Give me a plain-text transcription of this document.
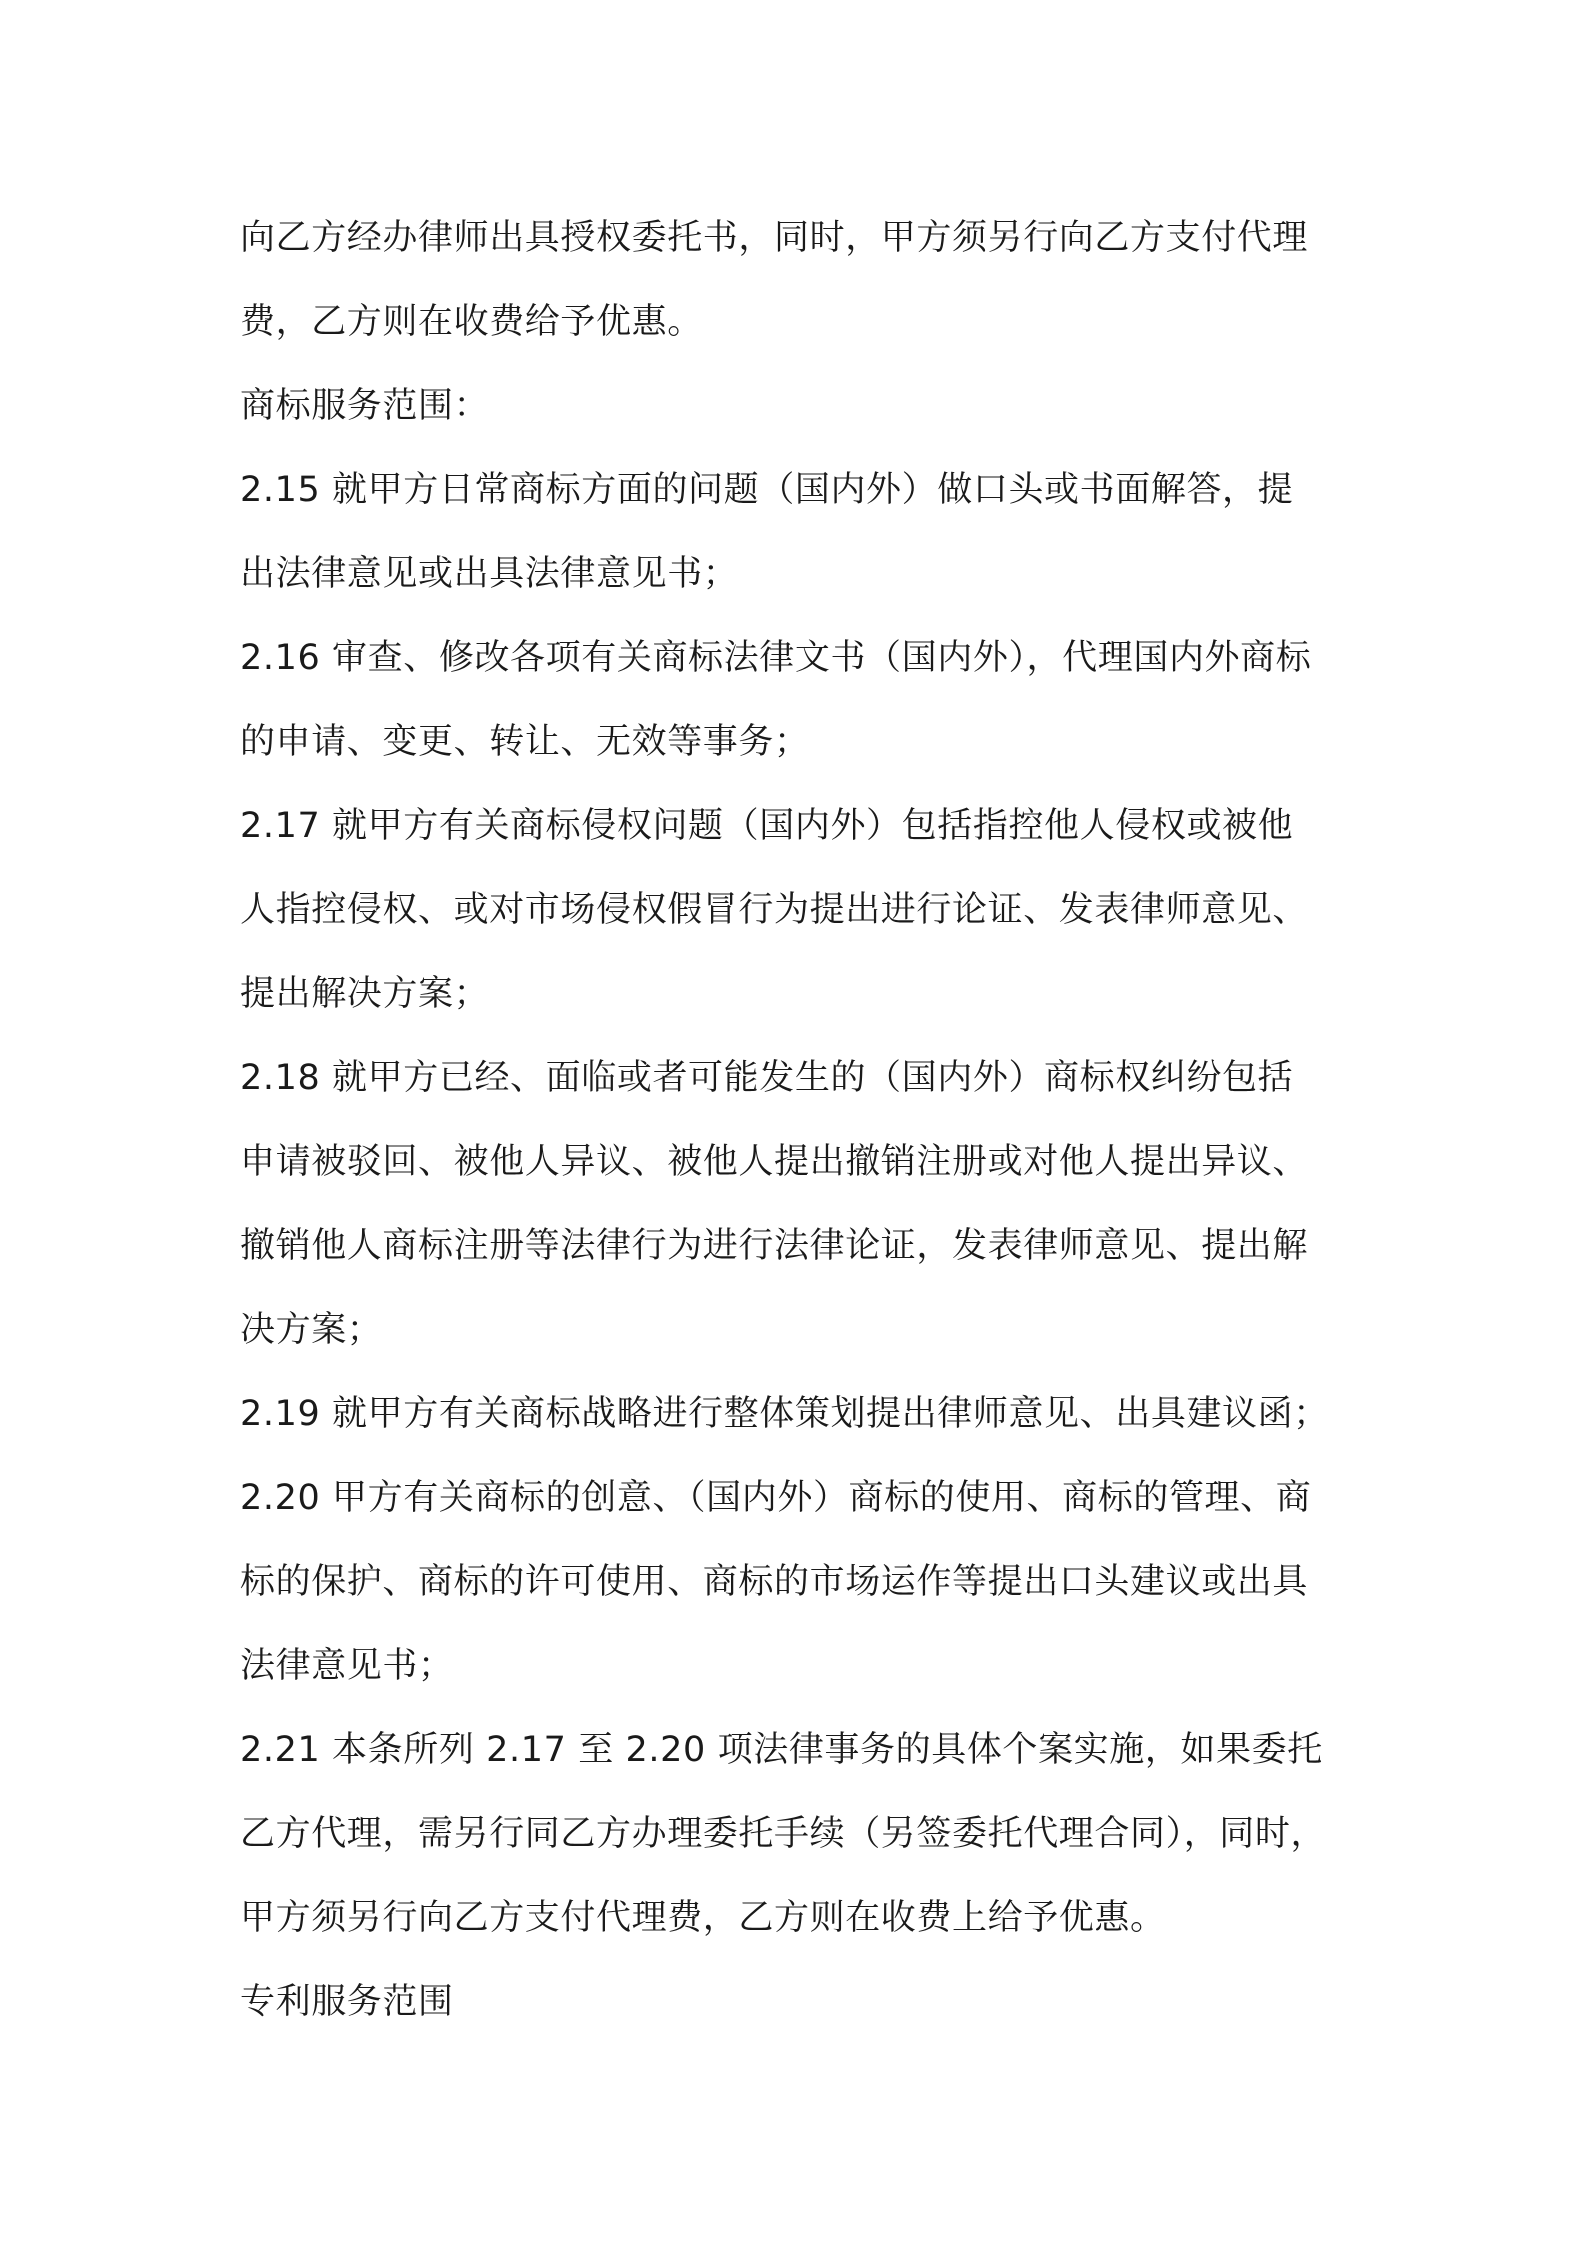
向乙方经办律师出具授权委托书，同时，甲方须另行向乙方支付代理
费，乙方则在收费给予优惠。
商标服务范围：
2.15 就甲方日常商标方面的问题（国内外）做口头或书面解答，提
出法律意见或出具法律意见书；
2.16 审查、修改各项有关商标法律文书（国内外），代理国内外商标
的申请、变更、转让、无效等事务；
2.17 就甲方有关商标侵权问题（国内外）包括指控他人侵权或被他
人指控侵权、或对市场侵权假冒行为提出进行论证、发表律师意见、
提出解决方案；
2.18 就甲方已经、面临或者可能发生的（国内外）商标权纠纷包括
申请被驳回、被他人异议、被他人提出撤销注册或对他人提出异议、
撤销他人商标注册等法律行为进行法律论证，发表律师意见、提出解
决方案；
2.19 就甲方有关商标战略进行整体策划提出律师意见、出具建议函；
2.20 甲方有关商标的创意、（国内外）商标的使用、商标的管理、商
标的保护、商标的许可使用、商标的市场运作等提出口头建议或出具
法律意见书；
2.21 本条所列 2.17 至 2.20 项法律事务的具体个案实施，如果委托
乙方代理，需另行同乙方办理委托手续（另签委托代理合同），同时，
甲方须另行向乙方支付代理费，乙方则在收费上给予优惠。
专利服务范围
